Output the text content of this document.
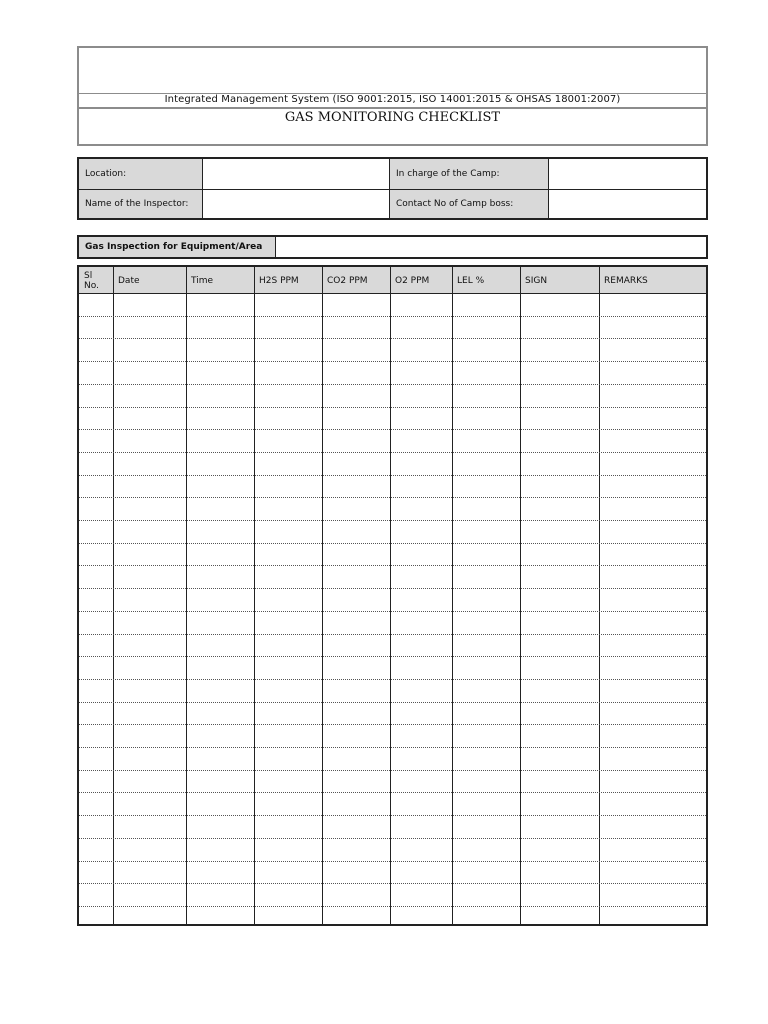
Integrated Management System (ISO 9001:2015, ISO 14001:2015 & OHSAS 18001:2007)
GAS MONITORING CHECKLIST
Location:	In charge of the Camp:
Name of the Inspector:	Contact No of Camp boss:
Gas Inspection for Equipment/Area
Sl
No.	Date	Time	H2S PPM	CO2 PPM	O2 PPM	LEL %	SIGN	REMARKS
